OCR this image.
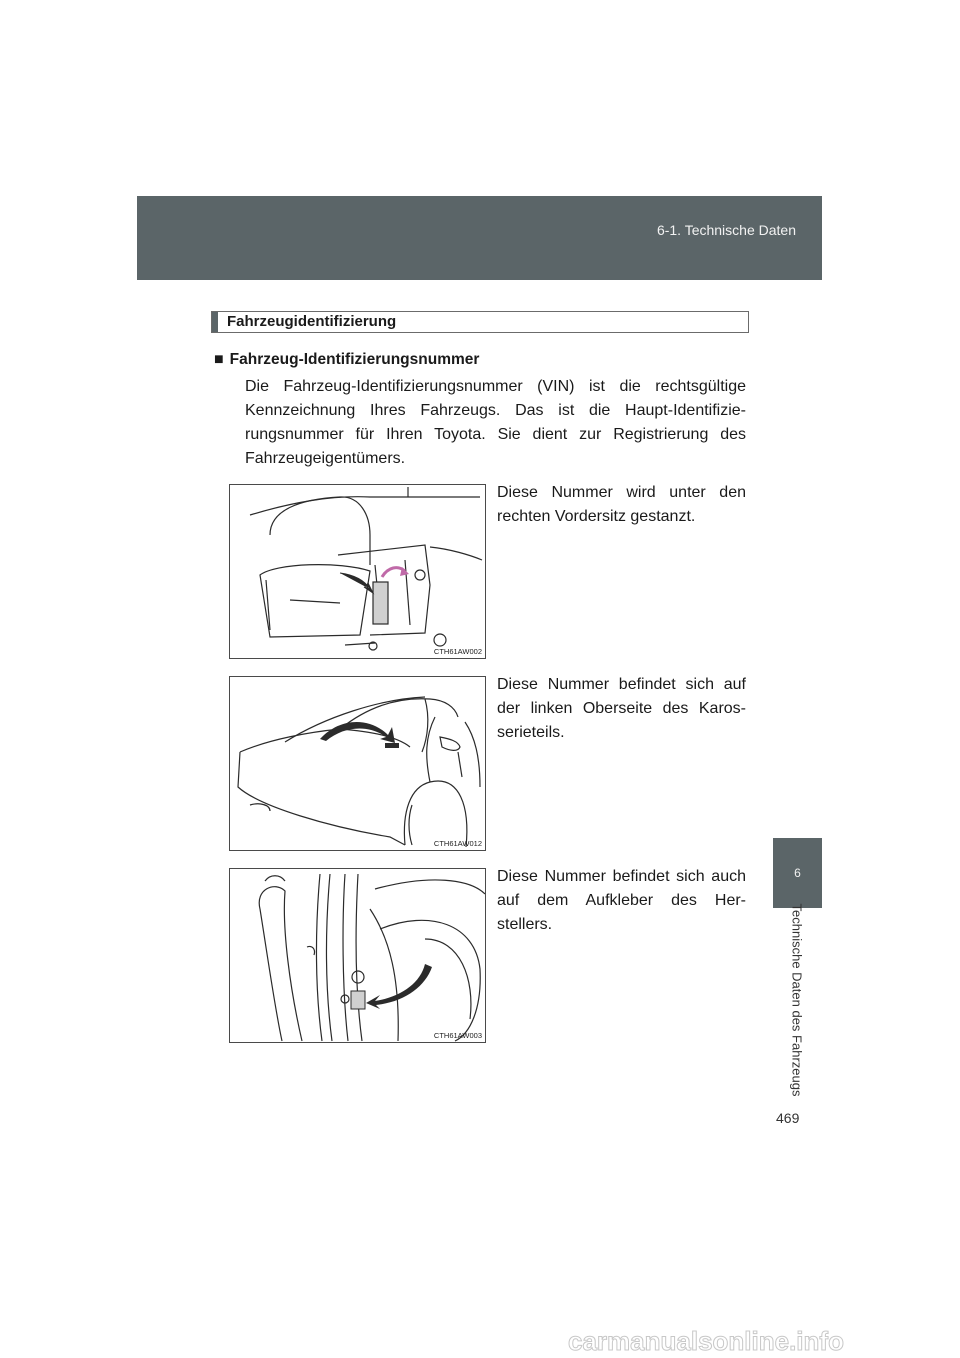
6-1. Technische Daten
6
Technische Daten des Fahrzeugs
469
Fahrzeugidentifizierung
■ Fahrzeug-Identifizierungsnummer

Die Fahrzeug-Identifizierungsnummer (VIN) ist die rechtsgültige Kennzeichnung Ihres Fahrzeugs. Das ist die Haupt-Identifizie-rungsnummer für Ihren Toyota. Sie dient zur Registrierung des Fahrzeugeigentümers.

CTH61AW002

Diese Nummer wird unter den rechten Vordersitz gestanzt.

CTH61AW012

Diese Nummer befindet sich auf der linken Oberseite des Karos-serieteils.

CTH61AW003

Diese Nummer befindet sich auch auf dem Aufkleber des Her-stellers.

carmanualsonline.info
